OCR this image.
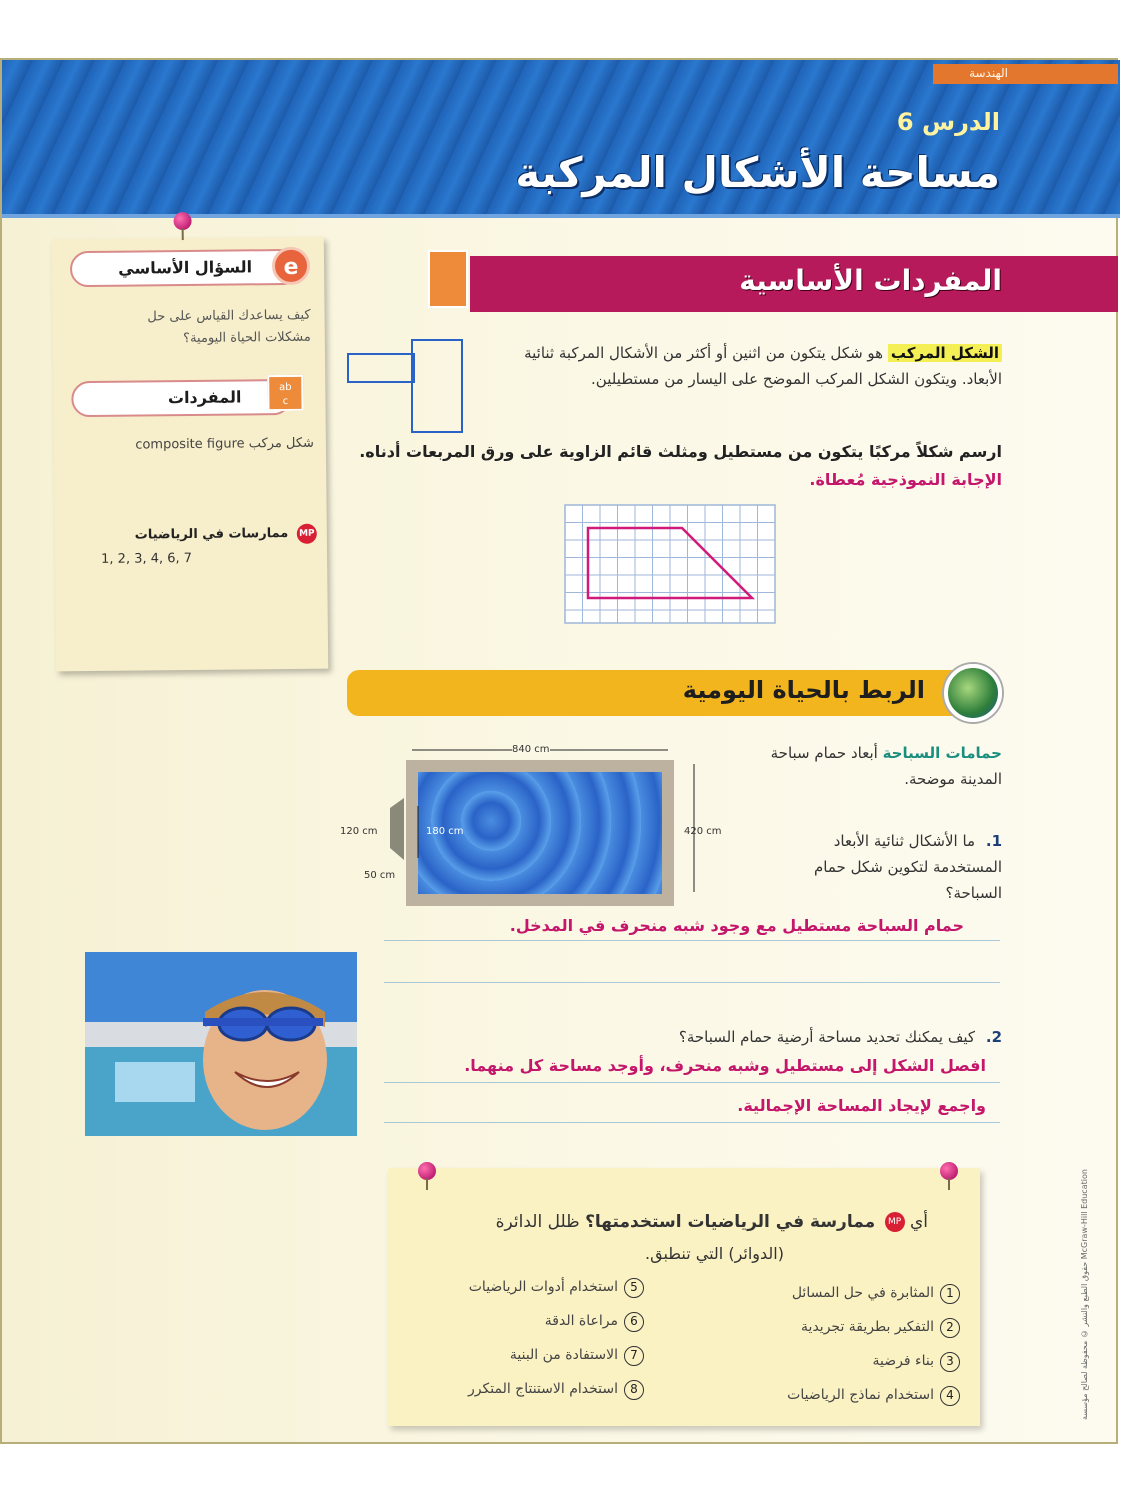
الهندسة
الدرس 6
مساحة الأشكال المركبة
السؤال الأساسي	e
كيف يساعدك القياس على حل مشكلات الحياة اليومية؟
المفردات	ab
c
شكل مركب composite figure
MP ممارسات في الرياضيات
1, 2, 3, 4, 6, 7
المفردات الأساسية
الشكل المركب هو شكل يتكون من اثنين أو أكثر من الأشكال المركبة ثنائية الأبعاد. ويتكون الشكل المركب الموضح على اليسار من مستطيلين.
ارسم شكلاً مركبًا يتكون من مستطيل ومثلث قائم الزاوية على ورق المربعات أدناه.
الإجابة النموذجية مُعطاة.
الربط بالحياة اليومية
840 cm
420 cm
120 cm	180 cm
50 cm
حمامات السباحة أبعاد حمام سباحة المدينة موضحة.
1. ما الأشكال ثنائية الأبعاد المستخدمة لتكوين شكل حمام السباحة؟
حمام السباحة مستطيل مع وجود شبه منحرف في المدخل.
2. كيف يمكنك تحديد مساحة أرضية حمام السباحة؟
افصل الشكل إلى مستطيل وشبه منحرف، وأوجد مساحة كل منهما.
واجمع لإيجاد المساحة الإجمالية.
أي MP ممارسة في الرياضيات استخدمتها؟ ظلل الدائرة
(الدوائر) التي تنطبق.
1المثابرة في حل المسائل
2التفكير بطريقة تجريدية
3بناء فرضية
4استخدام نماذج الرياضيات
5استخدام أدوات الرياضيات
6مراعاة الدقة
7الاستفادة من البنية
8استخدام الاستنتاج المتكرر	حقوق الطبع والنشر © محفوظة لصالح مؤسسة McGraw-Hill Education
